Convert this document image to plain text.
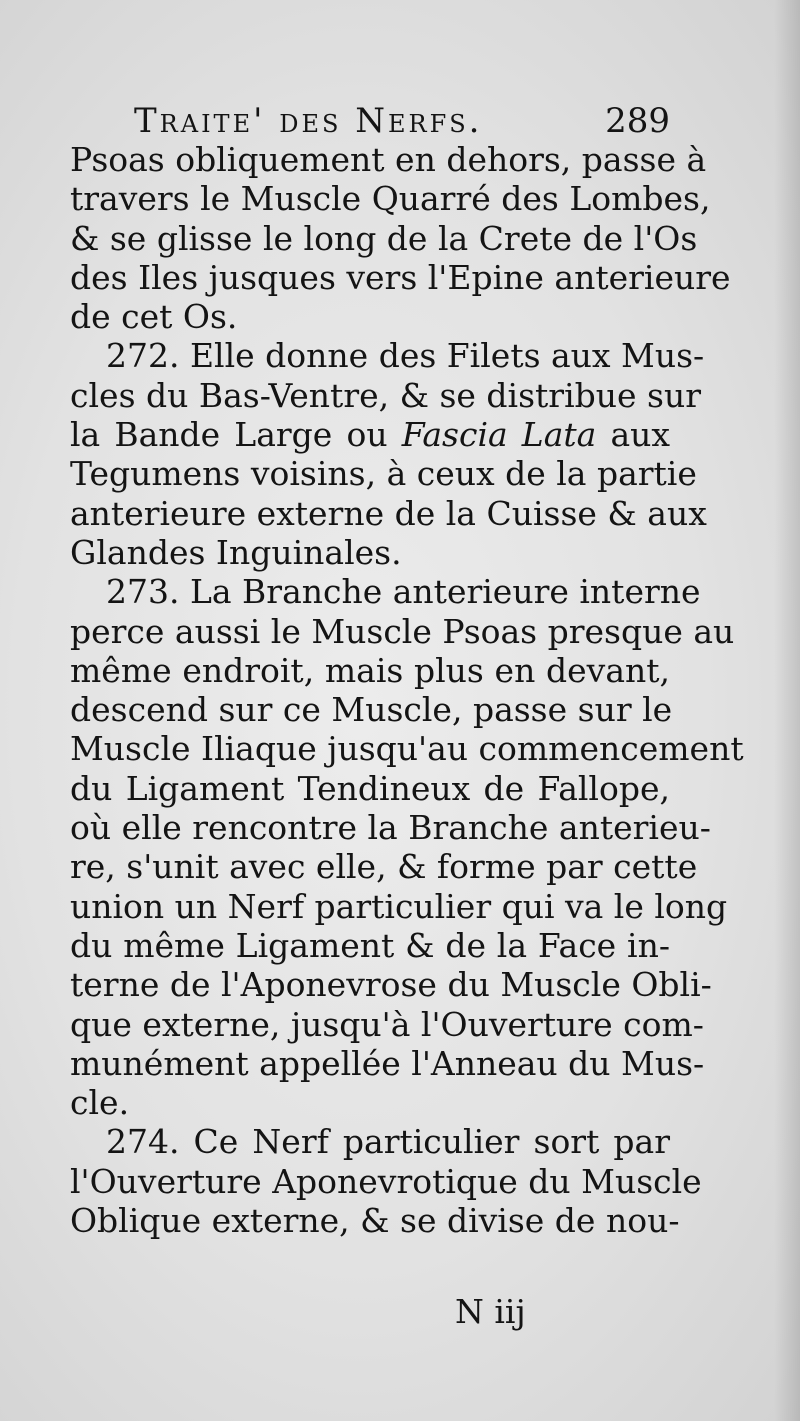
Traite' des Nerfs.	289
Psoas obliquement en dehors, passe à
travers le Muscle Quarré des Lombes,
& se glisse le long de la Crete de l'Os
des Iles jusques vers l'Epine anterieure
de cet Os.
272. Elle donne des Filets aux Mus-
cles du Bas-Ventre, & se distribue sur
la Bande Large ou Fascia Lata aux
Tegumens voisins, à ceux de la partie
anterieure externe de la Cuisse & aux
Glandes Inguinales.
273. La Branche anterieure interne
perce aussi le Muscle Psoas presque au
même endroit, mais plus en devant,
descend sur ce Muscle, passe sur le
Muscle Iliaque jusqu'au commencement
du Ligament Tendineux de Fallope,
où elle rencontre la Branche anterieu-
re, s'unit avec elle, & forme par cette
union un Nerf particulier qui va le long
du même Ligament & de la Face in-
terne de l'Aponevrose du Muscle Obli-
que externe, jusqu'à l'Ouverture com-
munément appellée l'Anneau du Mus-
cle.
274. Ce Nerf particulier sort par
l'Ouverture Aponevrotique du Muscle
Oblique externe, & se divise de nou-
N iij
